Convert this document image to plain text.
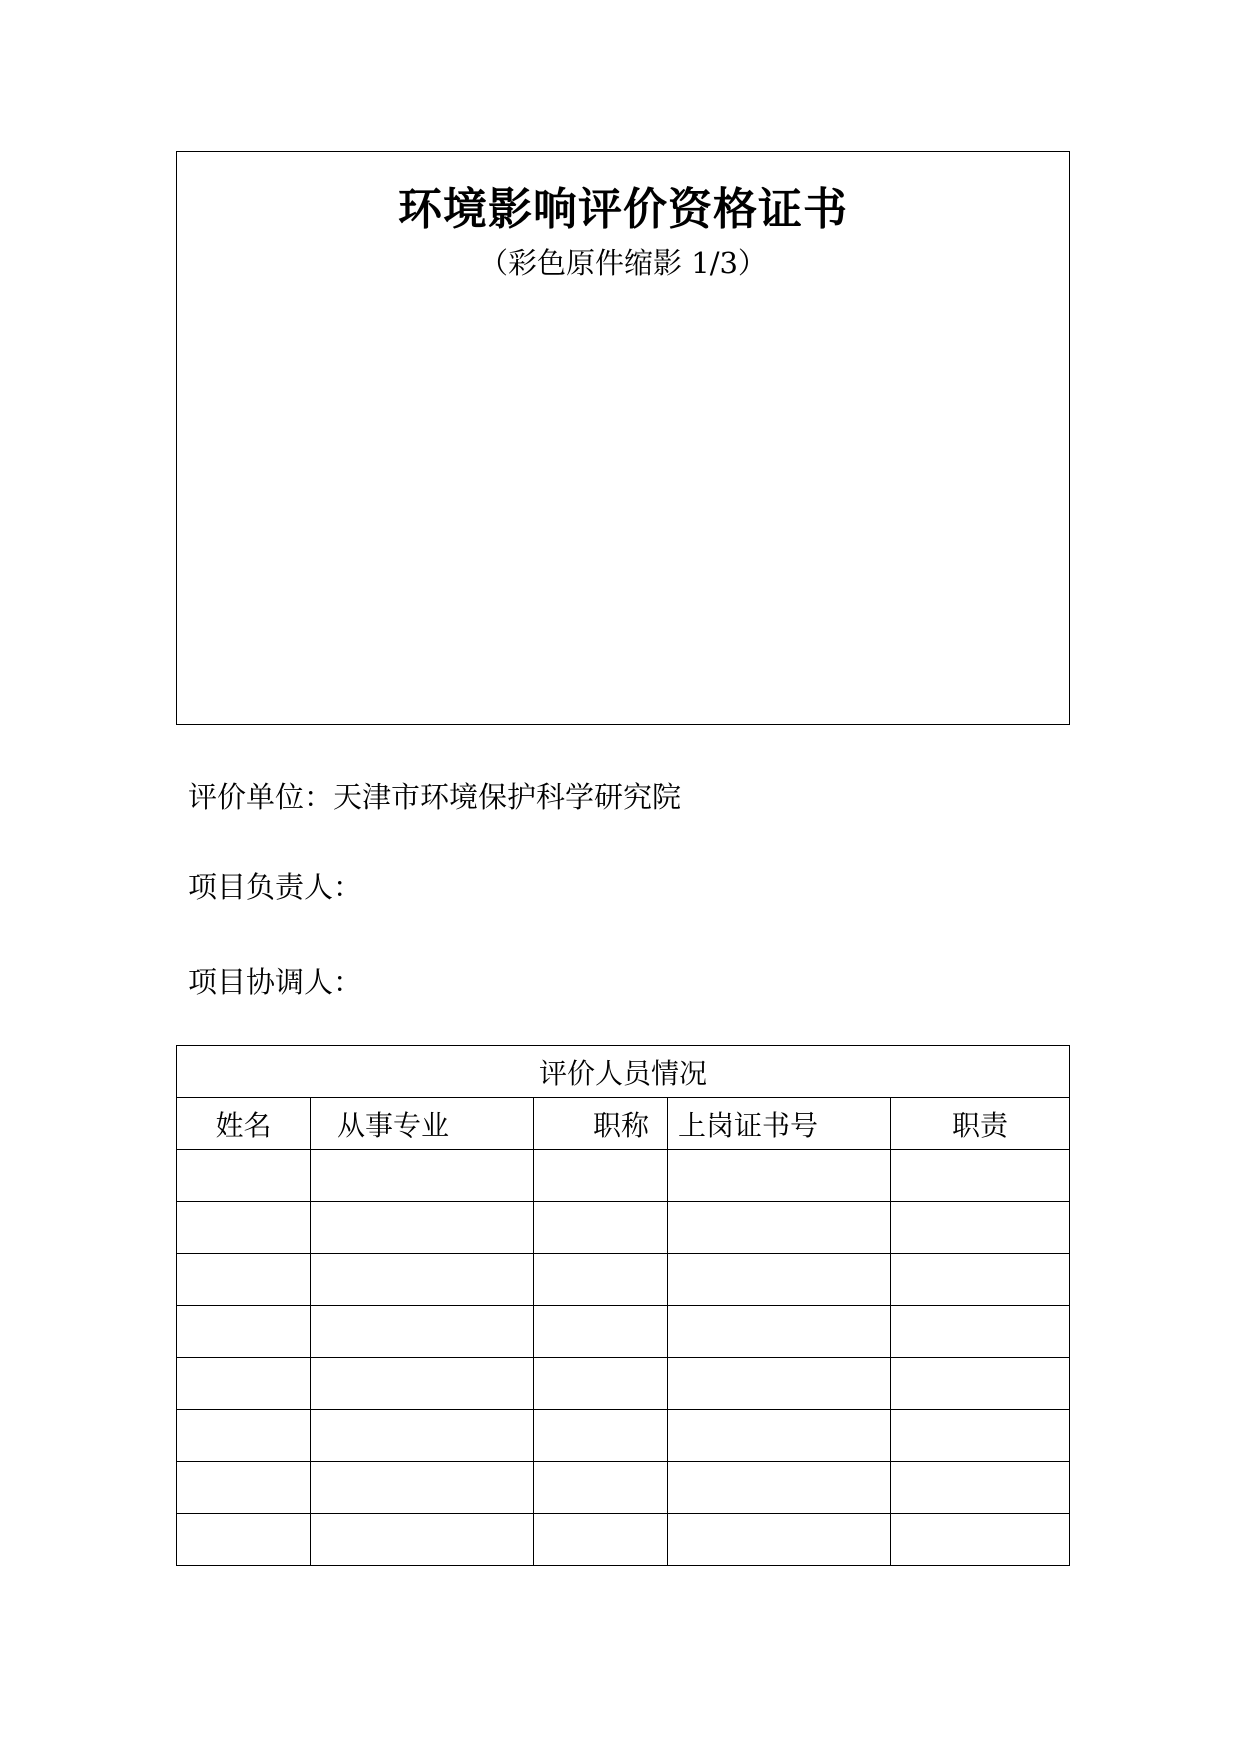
环境影响评价资格证书
（彩色原件缩影 1/3）
评价单位：天津市环境保护科学研究院
项目负责人：
项目协调人：
评价人员情况				
姓名	从事专业	职称	上岗证书号	职责
